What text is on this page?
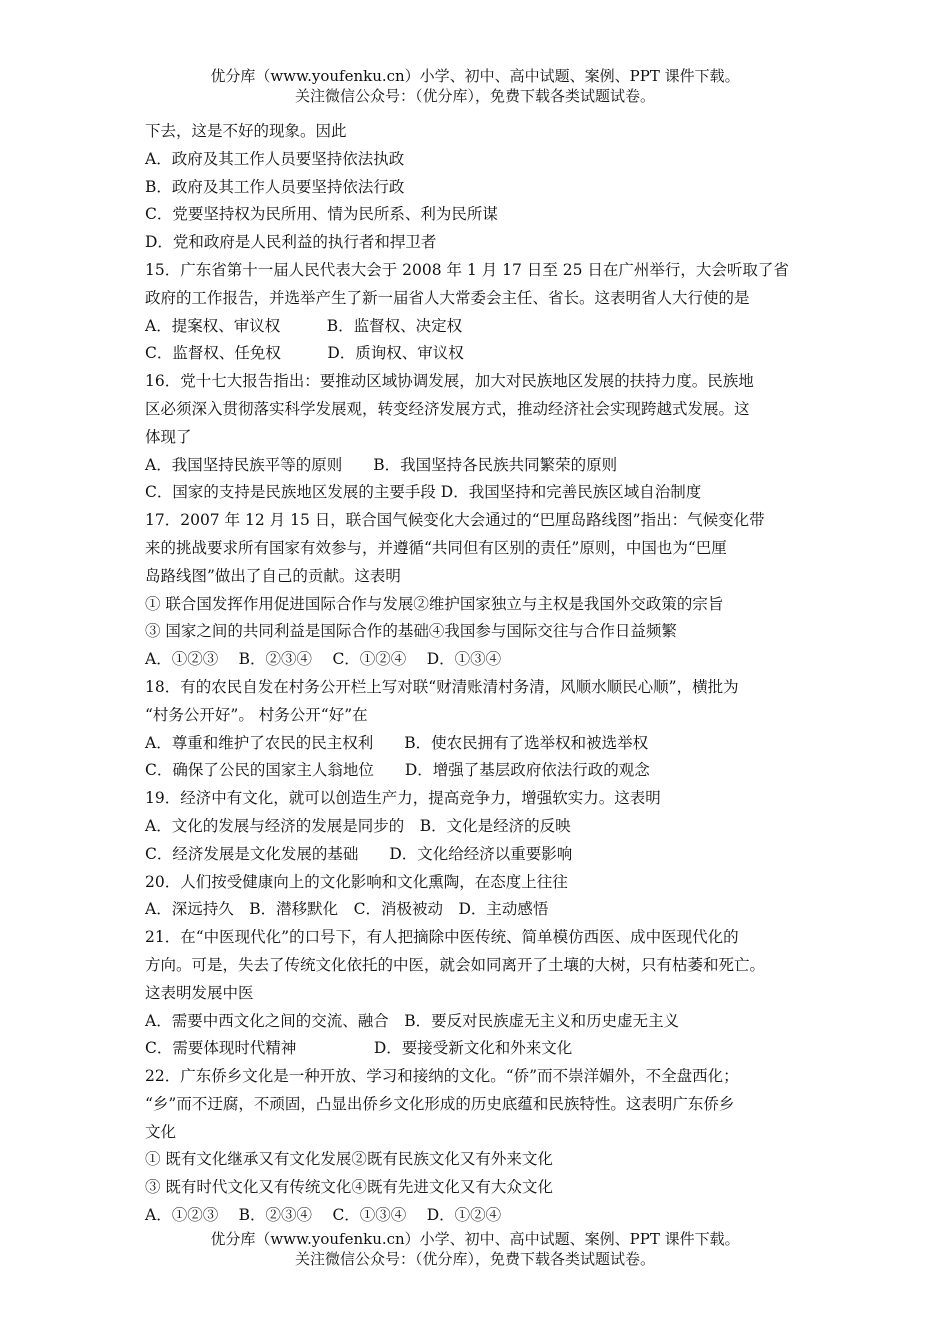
优分库（www.youfenku.cn）小学、初中、高中试题、案例、PPT 课件下载。
关注微信公众号：（优分库），免费下载各类试题试卷。
下去，这是不好的现象。因此
A．政府及其工作人员要坚持依法执政
B．政府及其工作人员要坚持依法行政
C．党要坚持权为民所用、情为民所系、利为民所谋
D．党和政府是人民利益的执行者和捍卫者
15．广东省第十一届人民代表大会于 2008 年 1 月 17 日至 25 日在广州举行，大会听取了省
政府的工作报告，并选举产生了新一届省人大常委会主任、省长。这表明省人大行使的是
A．提案权、审议权　　　B．监督权、决定权
C．监督权、任免权　　　D．质询权、审议权
16．党十七大报告指出：要推动区域协调发展，加大对民族地区发展的扶持力度。民族地
区必须深入贯彻落实科学发展观，转变经济发展方式，推动经济社会实现跨越式发展。这
体现了
A．我国坚持民族平等的原则　　B．我国坚持各民族共同繁荣的原则
C．国家的支持是民族地区发展的主要手段 D．我国坚持和完善民族区域自治制度
17．2007 年 12 月 15 日，联合国气候变化大会通过的“巴厘岛路线图”指出：气候变化带
来的挑战要求所有国家有效参与，并遵循“共同但有区别的责任”原则，中国也为“巴厘
岛路线图”做出了自己的贡献。这表明
① 联合国发挥作用促进国际合作与发展②维护国家独立与主权是我国外交政策的宗旨
③ 国家之间的共同利益是国际合作的基础④我国参与国际交往与合作日益频繁
A．①②③　 B．②③④　 C．①②④　 D．①③④
18．有的农民自发在村务公开栏上写对联“财清账清村务清，风顺水顺民心顺”，横批为
“村务公开好”。 村务公开“好”在
A．尊重和维护了农民的民主权利　　B．使农民拥有了选举权和被选举权
C．确保了公民的国家主人翁地位　　D．增强了基层政府依法行政的观念
19．经济中有文化，就可以创造生产力，提高竞争力，增强软实力。这表明
A．文化的发展与经济的发展是同步的　B．文化是经济的反映
C．经济发展是文化发展的基础　　D．文化给经济以重要影响
20．人们按受健康向上的文化影响和文化熏陶，在态度上往往
A．深远持久　B．潜移默化　C．消极被动　D．主动感悟
21．在“中医现代化”的口号下，有人把摘除中医传统、简单模仿西医、成中医现代化的
方向。可是，失去了传统文化依托的中医，就会如同离开了土壤的大树，只有枯萎和死亡。
这表明发展中医
A．需要中西文化之间的交流、融合　B．要反对民族虚无主义和历史虚无主义
C．需要体现时代精神　　　　　D．要接受新文化和外来文化
22．广东侨乡文化是一种开放、学习和接纳的文化。“侨”而不崇洋媚外，不全盘西化；
“乡”而不迂腐，不顽固，凸显出侨乡文化形成的历史底蕴和民族特性。这表明广东侨乡
文化
① 既有文化继承又有文化发展②既有民族文化又有外来文化
③ 既有时代文化又有传统文化④既有先进文化又有大众文化
A．①②③　 B．②③④　 C．①③④　 D．①②④
优分库（www.youfenku.cn）小学、初中、高中试题、案例、PPT 课件下载。
关注微信公众号：（优分库），免费下载各类试题试卷。
